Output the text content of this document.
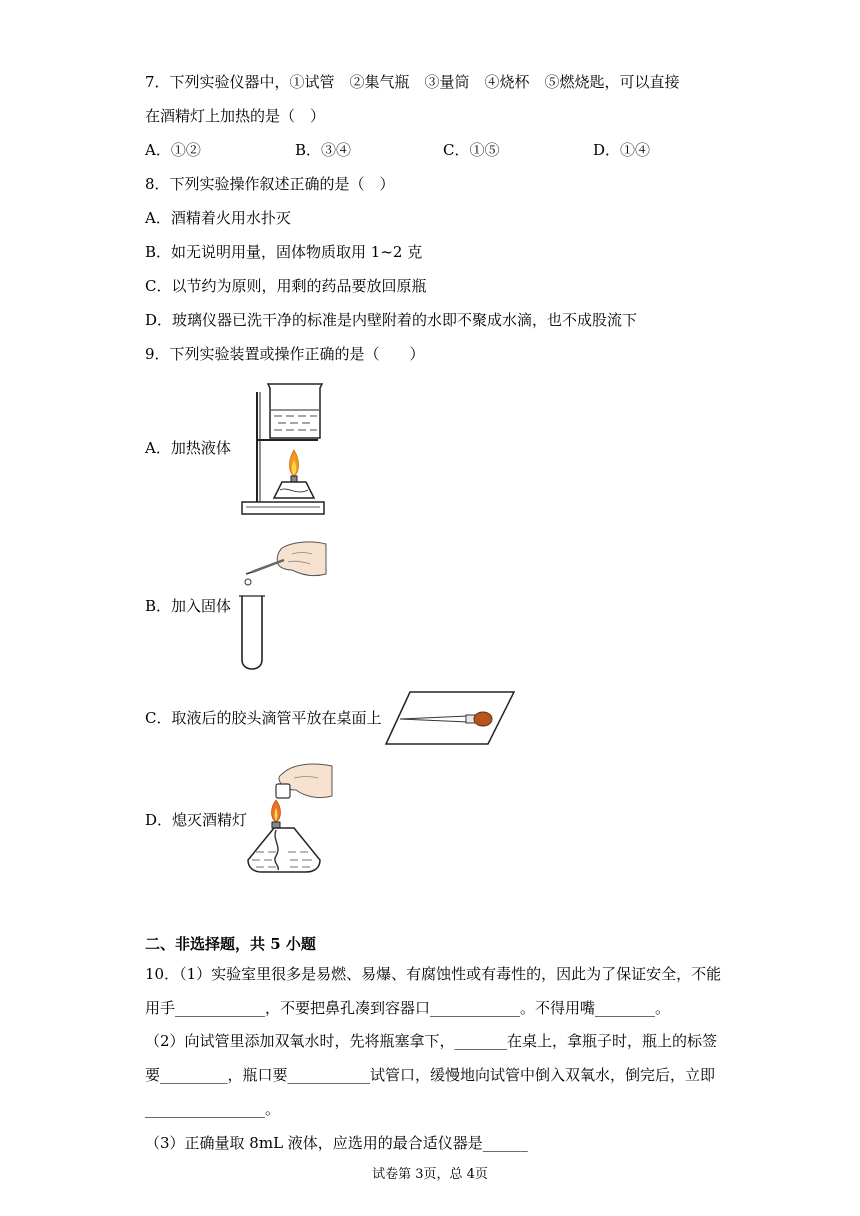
7．下列实验仪器中，①试管　②集气瓶　③量筒　④烧杯　⑤燃烧匙，可以直接
在酒精灯上加热的是（　）
A．①②	B．③④	C．①⑤	D．①④
8．下列实验操作叙述正确的是（　）
A．酒精着火用水扑灭
B．如无说明用量，固体物质取用 1~2 克
C．以节约为原则，用剩的药品要放回原瓶
D．玻璃仪器已洗干净的标准是内壁附着的水即不聚成水滴，也不成股流下
9．下列实验装置或操作正确的是（　　）
A．加热液体
B．加入固体
C．取液后的胶头滴管平放在桌面上
D．熄灭酒精灯
二、非选择题，共 5 小题
10．（1）实验室里很多是易燃、易爆、有腐蚀性或有毒性的，因此为了保证安全，不能
用手____________，不要把鼻孔凑到容器口____________。不得用嘴________。
（2）向试管里添加双氧水时，先将瓶塞拿下，_______在桌上，拿瓶子时，瓶上的标签
要_________，瓶口要___________试管口，缓慢地向试管中倒入双氧水，倒完后，立即
________________。
（3）正确量取 8mL 液体，应选用的最合适仪器是______
试卷第 3页，总 4页
